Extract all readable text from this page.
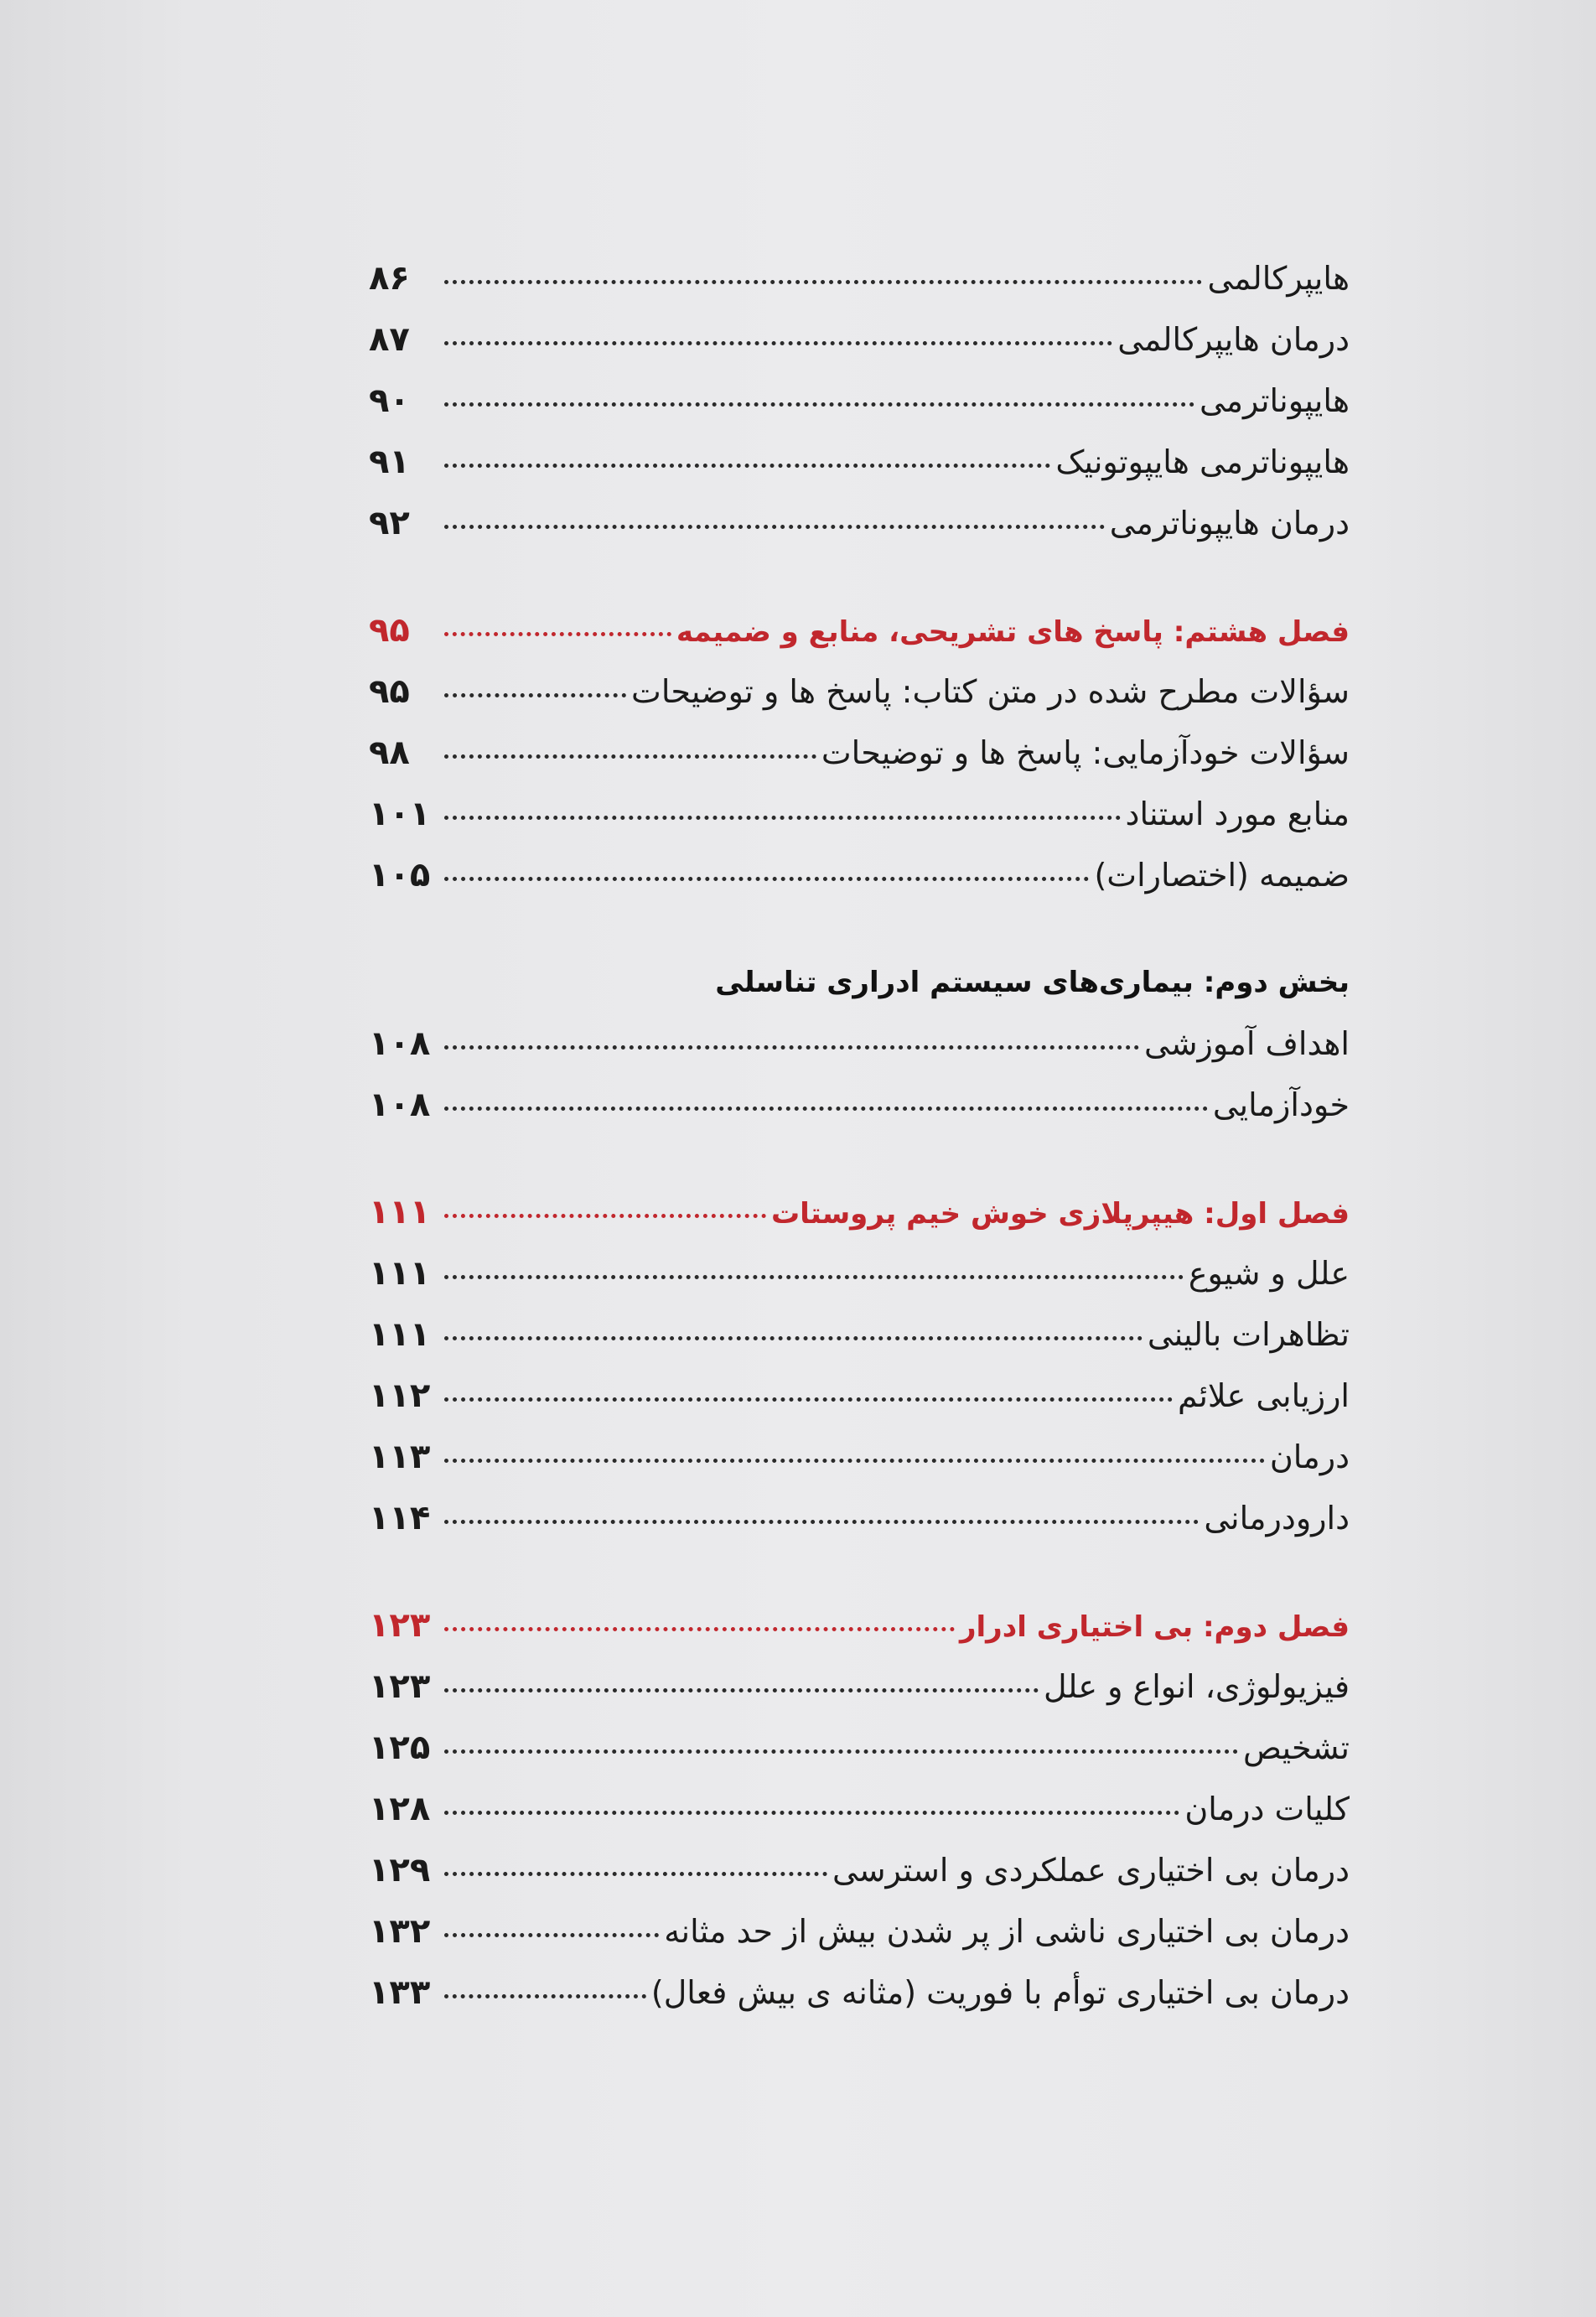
هایپرکالمی
۸۶
درمان هایپرکالمی
۸۷
هایپوناترمی
۹۰
هایپوناترمی هایپوتونیک
۹۱
درمان هایپوناترمی
۹۲
فصل هشتم: پاسخ های تشریحی، منابع و ضمیمه
۹۵
سؤالات مطرح شده در متن کتاب: پاسخ ها و توضیحات
۹۵
سؤالات خودآزمایی: پاسخ ها و توضیحات
۹۸
منابع مورد استناد
۱۰۱
ضمیمه (اختصارات)
۱۰۵
بخش دوم: بیماری‌های سیستم ادراری تناسلی
اهداف آموزشی
۱۰۸
خودآزمایی
۱۰۸
فصل اول: هیپرپلازی خوش خیم پروستات
۱۱۱
علل و شیوع
۱۱۱
تظاهرات بالینی
۱۱۱
ارزیابی علائم
۱۱۲
درمان
۱۱۳
دارودرمانی
۱۱۴
فصل دوم: بی اختیاری ادرار
۱۲۳
فیزیولوژی، انواع و علل
۱۲۳
تشخیص
۱۲۵
کلیات درمان
۱۲۸
درمان بی اختیاری عملکردی و استرسی
۱۲۹
درمان بی اختیاری ناشی از پر شدن بیش از حد مثانه
۱۳۲
درمان بی اختیاری توأم با فوریت (مثانه ی بیش فعال)
۱۳۳
